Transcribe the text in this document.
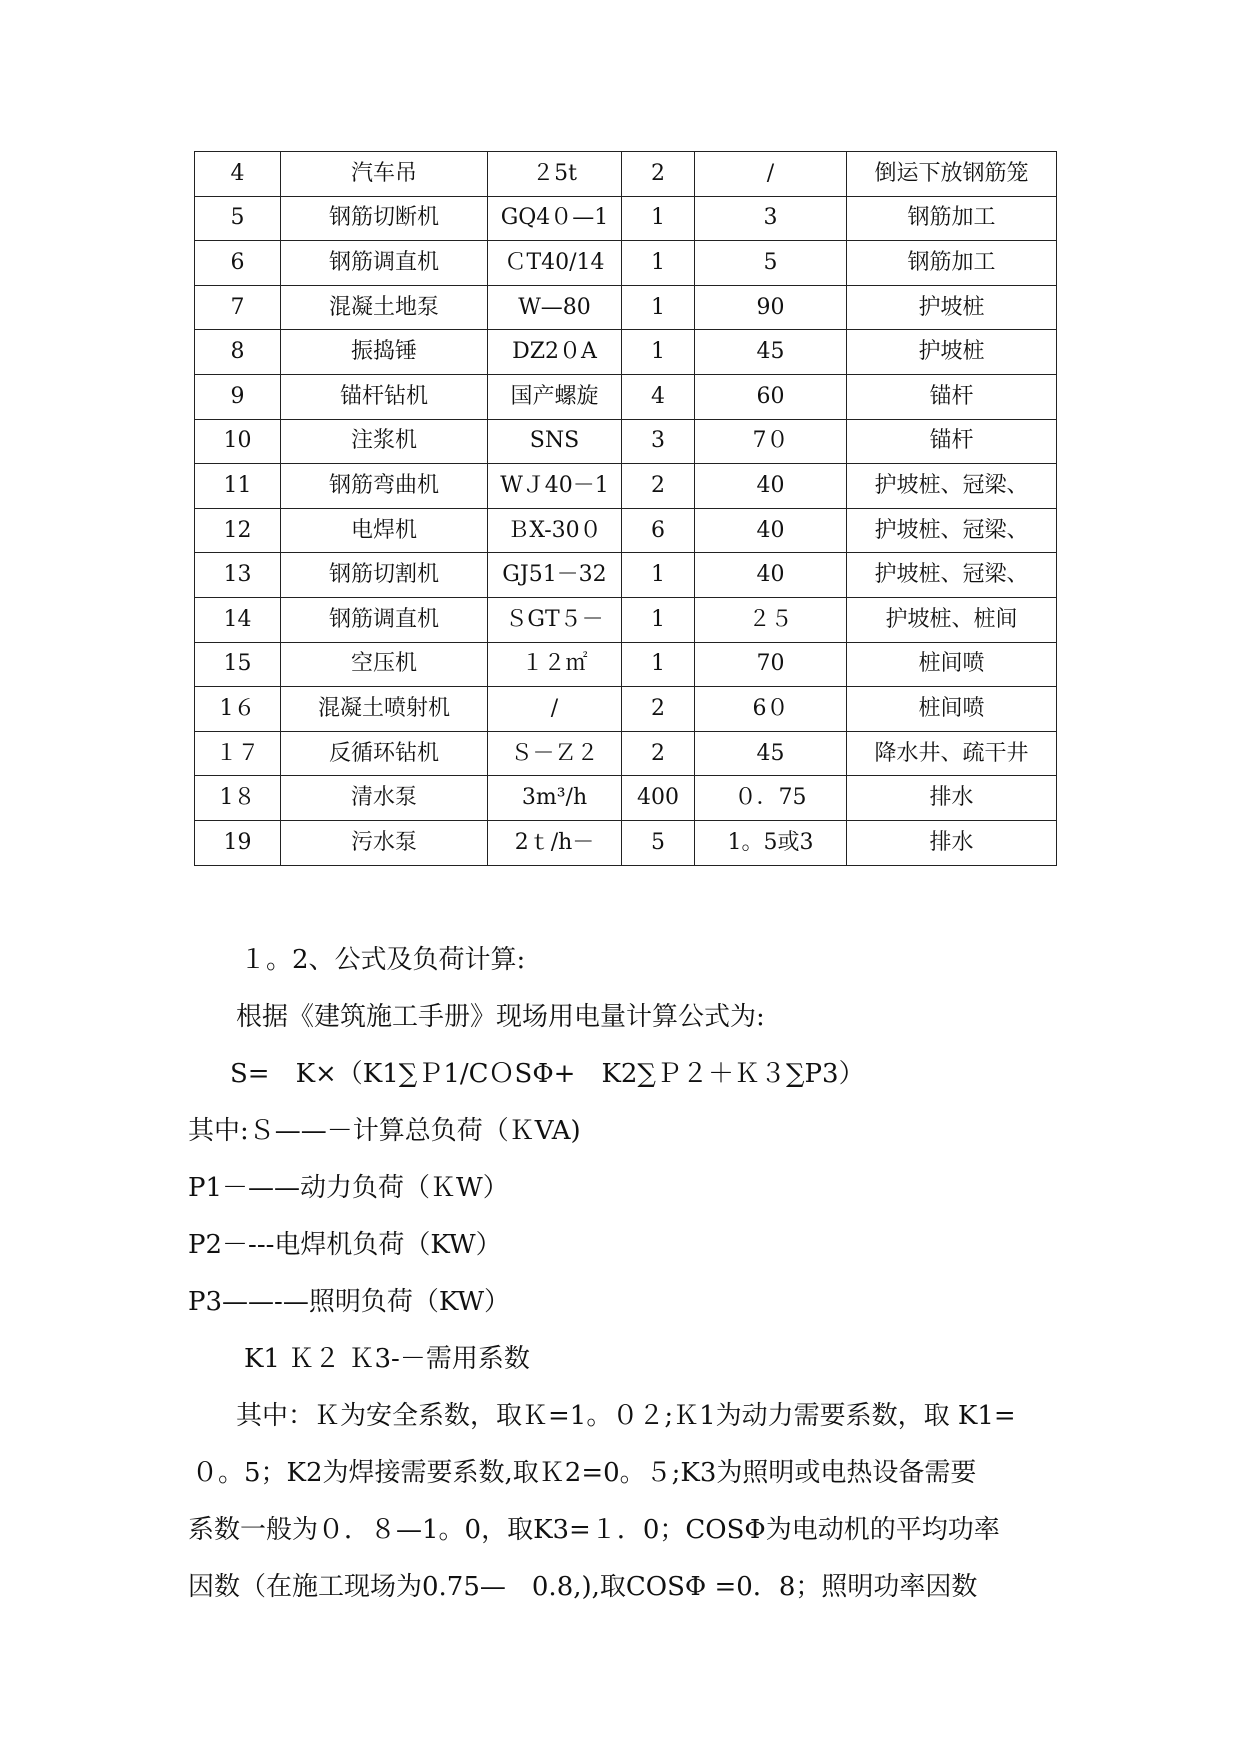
4	汽车吊	２5t	2	/	倒运下放钢筋笼
5	钢筋切断机	GQ4０—1	1	3	钢筋加工
6	钢筋调直机	ＣT40/14	1	5	钢筋加工
7	混凝土地泵	W—80	1	90	护坡桩
8	振捣锤	DZ2０A	1	45	护坡桩
9	锚杆钻机	国产螺旋	4	60	锚杆
10	注浆机	SNS	3	7０	锚杆
11	钢筋弯曲机	WＪ40－1	2	40	护坡桩、冠梁、
12	电焊机	ＢX-30０	6	40	护坡桩、冠梁、
13	钢筋切割机	GJ51－32	1	40	护坡桩、冠梁、
14	钢筋调直机	ＳGT５－	1	２５	护坡桩、桩间
15	空压机	１２㎡	1	70	桩间喷
1６	混凝土喷射机	/	2	6０	桩间喷
１７	反循环钻机	Ｓ－Ｚ２	2	45	降水井、疏干井
1８	清水泵	3m³/h	400	０．75	排水
19	污水泵	2ｔ/h－	5	1。5或3	排水
１。2、公式及负荷计算:
根据《建筑施工手册》现场用电量计算公式为:
S=　K×（K1∑Ｐ1/CＯSΦ+　K2∑Ｐ２＋Ｋ３∑P3）
其中:Ｓ——－计算总负荷（ＫVA)
P1－——动力负荷（ＫW）
P2－---电焊机负荷（KW）
P3——-—照明负荷（KW）
K1 Ｋ２ Ｋ3-－需用系数
其中：Ｋ为安全系数，取Ｋ=1。０２;Ｋ1为动力需要系数，取 K1=
０。5；K2为焊接需要系数,取Ｋ2=0。５;K3为照明或电热设备需要
系数一般为０．８—1。0，取K3=１．0；COSΦ为电动机的平均功率
因数（在施工现场为0.75—　0.8,),取COSΦ =0．8；照明功率因数
